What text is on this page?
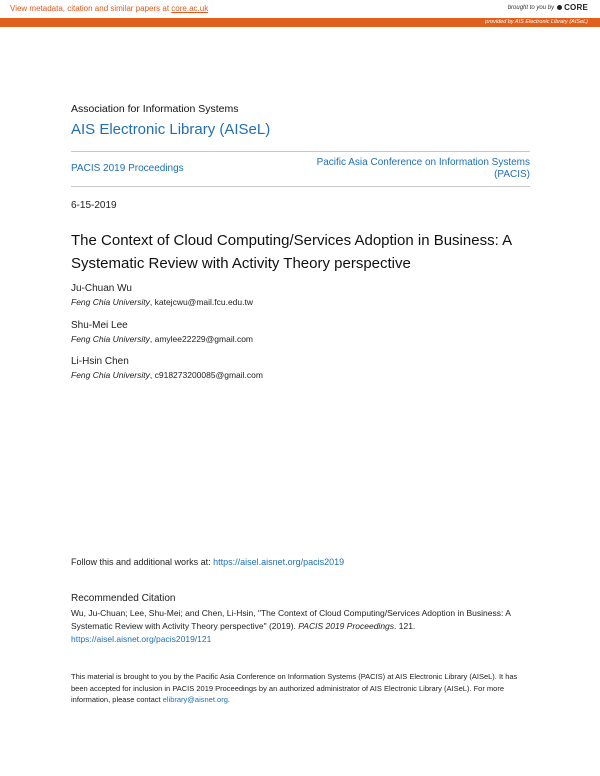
View metadata, citation and similar papers at core.ac.uk	brought to you by	CORE
provided by AIS Electronic Library (AISeL)
Association for Information Systems
AIS Electronic Library (AISeL)
PACIS 2019 Proceedings
Pacific Asia Conference on Information Systems (PACIS)
6-15-2019
The Context of Cloud Computing/Services Adoption in Business: A Systematic Review with Activity Theory perspective
Ju-Chuan Wu
Feng Chia University, katejcwu@mail.fcu.edu.tw
Shu-Mei Lee
Feng Chia University, amylee22229@gmail.com
Li-Hsin Chen
Feng Chia University, c918273200085@gmail.com
Follow this and additional works at: https://aisel.aisnet.org/pacis2019
Recommended Citation
Wu, Ju-Chuan; Lee, Shu-Mei; and Chen, Li-Hsin, "The Context of Cloud Computing/Services Adoption in Business: A Systematic Review with Activity Theory perspective" (2019). PACIS 2019 Proceedings. 121.
https://aisel.aisnet.org/pacis2019/121
This material is brought to you by the Pacific Asia Conference on Information Systems (PACIS) at AIS Electronic Library (AISeL). It has been accepted for inclusion in PACIS 2019 Proceedings by an authorized administrator of AIS Electronic Library (AISeL). For more information, please contact elibrary@aisnet.org.
